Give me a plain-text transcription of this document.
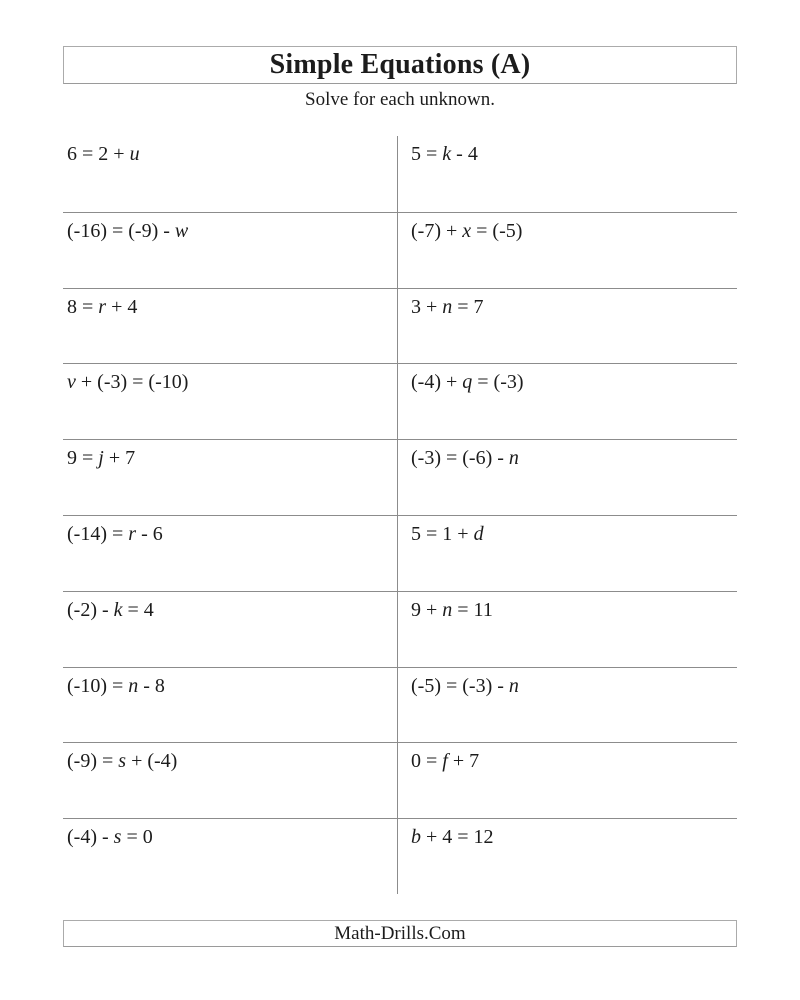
Simple Equations (A)
Solve for each unknown.
6 = 2 + u	5 = k - 4
(-16) = (-9) - w	(-7) + x = (-5)
8 = r + 4	3 + n = 7
v + (-3) = (-10)	(-4) + q = (-3)
9 = j + 7	(-3) = (-6) - n
(-14) = r - 6	5 = 1 + d
(-2) - k = 4	9 + n = 11
(-10) = n - 8	(-5) = (-3) - n
(-9) = s + (-4)	0 = f + 7
(-4) - s = 0	b + 4 = 12
Math-Drills.Com
